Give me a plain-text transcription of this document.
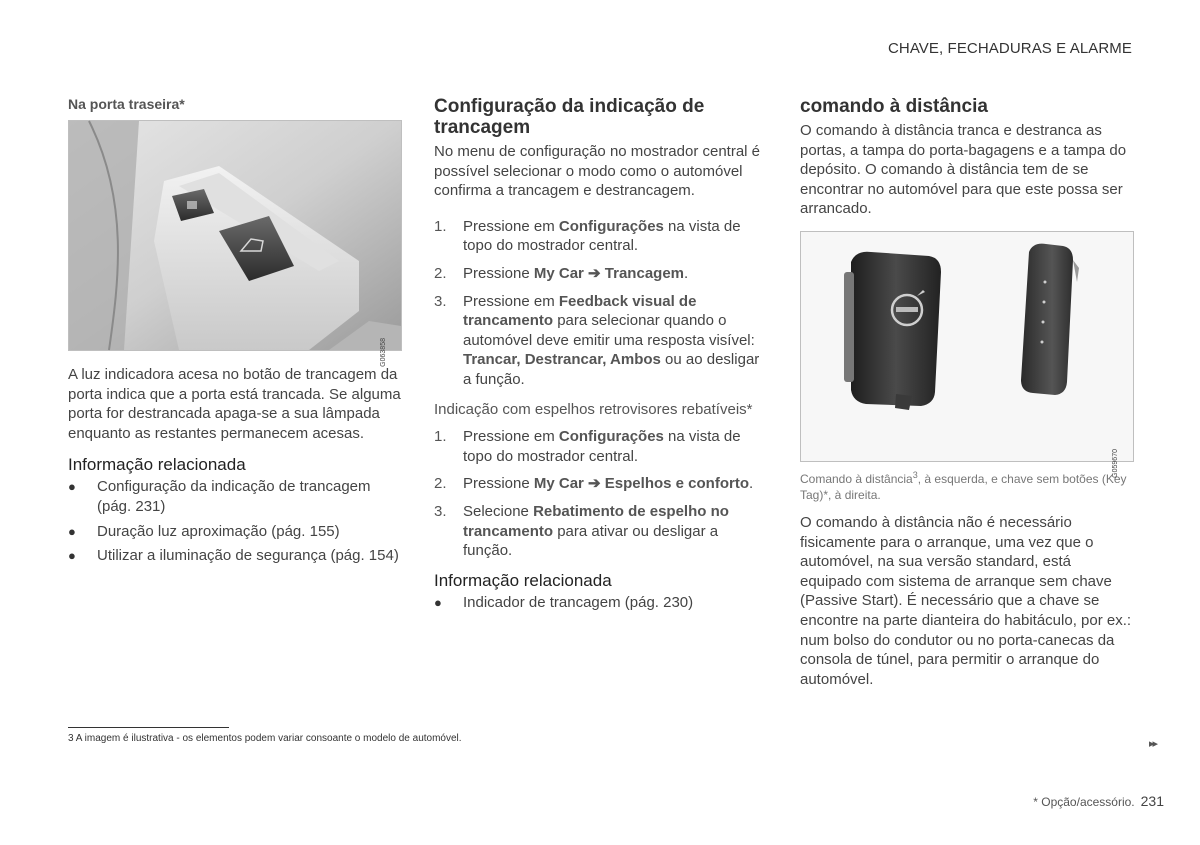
CHAVE, FECHADURAS E ALARME
Na porta traseira*
G063858

A luz indicadora acesa no botão de trancagem da porta indica que a porta está trancada. Se alguma porta for destrancada apaga-se a sua lâmpada enquanto as restantes permanecem acesas.

Informação relacionada
●	Configuração da indicação de trancagem (pág. 231)
●	Duração luz aproximação (pág. 155)
●	Utilizar a iluminação de segurança (pág. 154)
Configuração da indicação de trancagem

No menu de configuração no mostrador central é possível selecionar o modo como o automóvel confirma a trancagem e destrancagem.

1.	Pressione em Configurações na vista de topo do mostrador central.
2.	Pressione My Car ➔ Trancagem.
3.	Pressione em Feedback visual de trancamento para selecionar quando o automóvel deve emitir uma resposta visível: Trancar, Destrancar, Ambos ou ao desligar a função.

Indicação com espelhos retrovisores rebatíveis*

1.	Pressione em Configurações na vista de topo do mostrador central.
2.	Pressione My Car ➔ Espelhos e conforto.
3.	Selecione Rebatimento de espelho no trancamento para ativar ou desligar a função.
Informação relacionada
●	Indicador de trancagem (pág. 230)
comando à distância

O comando à distância tranca e destranca as portas, a tampa do porta-bagagens e a tampa do depósito. O comando à distância tem de se encontrar no automóvel para que este possa ser arrancado.

G059670
Comando à distância$^3$, à esquerda, e chave sem botões (Key Tag)*, à direita.

O comando à distância não é necessário fisicamente para o arranque, uma vez que o automóvel, na sua versão standard, está equipado com sistema de arranque sem chave (Passive Start). É necessário que a chave se encontre na parte dianteira do habitáculo, por ex.: num bolso do condutor ou no porta-canecas da consola de túnel, para permitir o arranque do automóvel.

3 A imagem é ilustrativa - os elementos podem variar consoante o modelo de automóvel.	▸▸
* Opção/acessório. 231
